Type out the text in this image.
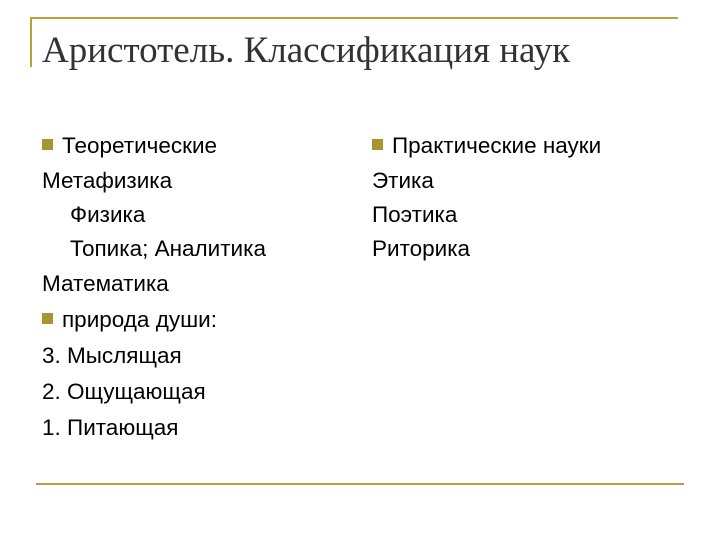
Аристотель. Классификация наук
Теоретические
Метафизика
Физика
Топика; Аналитика
Математика
природа души:
3. Мыслящая
2. Ощущающая
1. Питающая
Практические науки
Этика
Поэтика
Риторика
